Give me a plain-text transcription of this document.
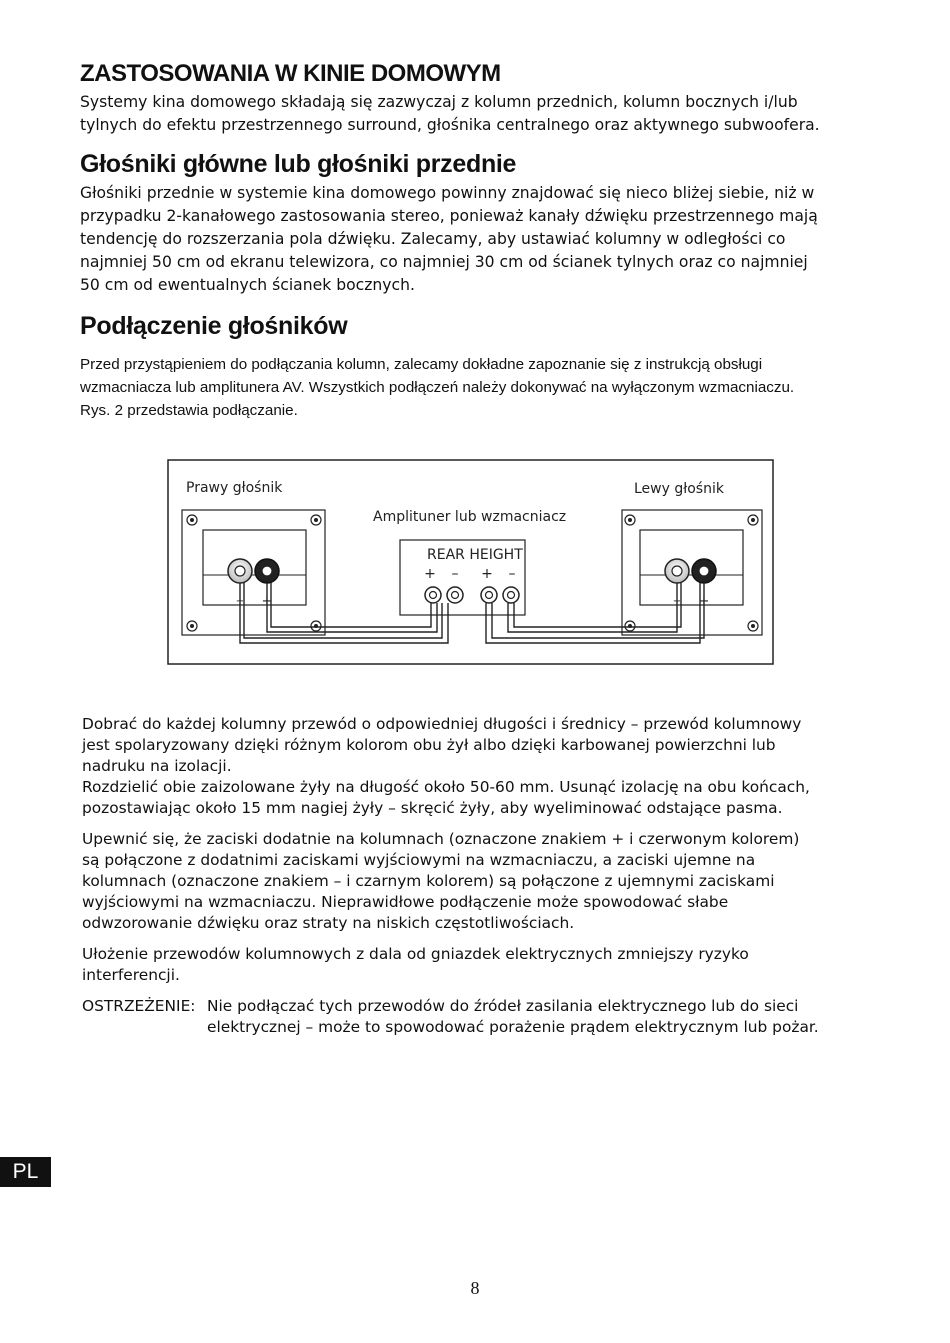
ZASTOSOWANIA W KINIE DOMOWYM

Systemy kina domowego składają się zazwyczaj z kolumn przednich, kolumn bocznych i/lub
tylnych do efektu przestrzennego surround, głośnika centralnego oraz aktywnego subwoofera.

Głośniki główne lub głośniki przednie

Głośniki przednie w systemie kina domowego powinny znajdować się nieco bliżej siebie, niż w
przypadku 2-kanałowego zastosowania stereo, ponieważ kanały dźwięku przestrzennego mają
tendencję do rozszerzania pola dźwięku. Zalecamy, aby ustawiać kolumny w odległości co
najmniej 50 cm od ekranu telewizora, co najmniej 30 cm od ścianek tylnych oraz co najmniej
50 cm od ewentualnych ścianek bocznych.

Podłączenie głośników

Przed przystąpieniem do podłączania kolumn, zalecamy dokładne zapoznanie się z instrukcją obsługi
wzmacniacza lub amplitunera AV. Wszystkich podłączeń należy dokonywać na wyłączonym wzmacniaczu.
Rys. 2 przedstawia podłączanie.

− +	− +
Prawy głośnik	Lewy głośnik
Amplituner lub wzmacniacz
REAR HEIGHT
+ – + –

Dobrać do każdej kolumny przewód o odpowiedniej długości i średnicy – przewód kolumnowy
jest spolaryzowany dzięki różnym kolorom obu żył albo dzięki karbowanej powierzchni lub
nadruku na izolacji.
Rozdzielić obie zaizolowane żyły na długość około 50-60 mm. Usunąć izolację na obu końcach,
pozostawiając około 15 mm nagiej żyły – skręcić żyły, aby wyeliminować odstające pasma.

Upewnić się, że zaciski dodatnie na kolumnach (oznaczone znakiem + i czerwonym kolorem)
są połączone z dodatnimi zaciskami wyjściowymi na wzmacniaczu, a zaciski ujemne na
kolumnach (oznaczone znakiem – i czarnym kolorem) są połączone z ujemnymi zaciskami
wyjściowymi na wzmacniaczu. Nieprawidłowe podłączenie może spowodować słabe
odwzorowanie dźwięku oraz straty na niskich częstotliwościach.

Ułożenie przewodów kolumnowych z dala od gniazdek elektrycznych zmniejszy ryzyko
interferencji.

OSTRZEŻENIE: Nie podłączać tych przewodów do źródeł zasilania elektrycznego lub do sieci
elektrycznej – może to spowodować porażenie prądem elektrycznym lub pożar.

PL
8
